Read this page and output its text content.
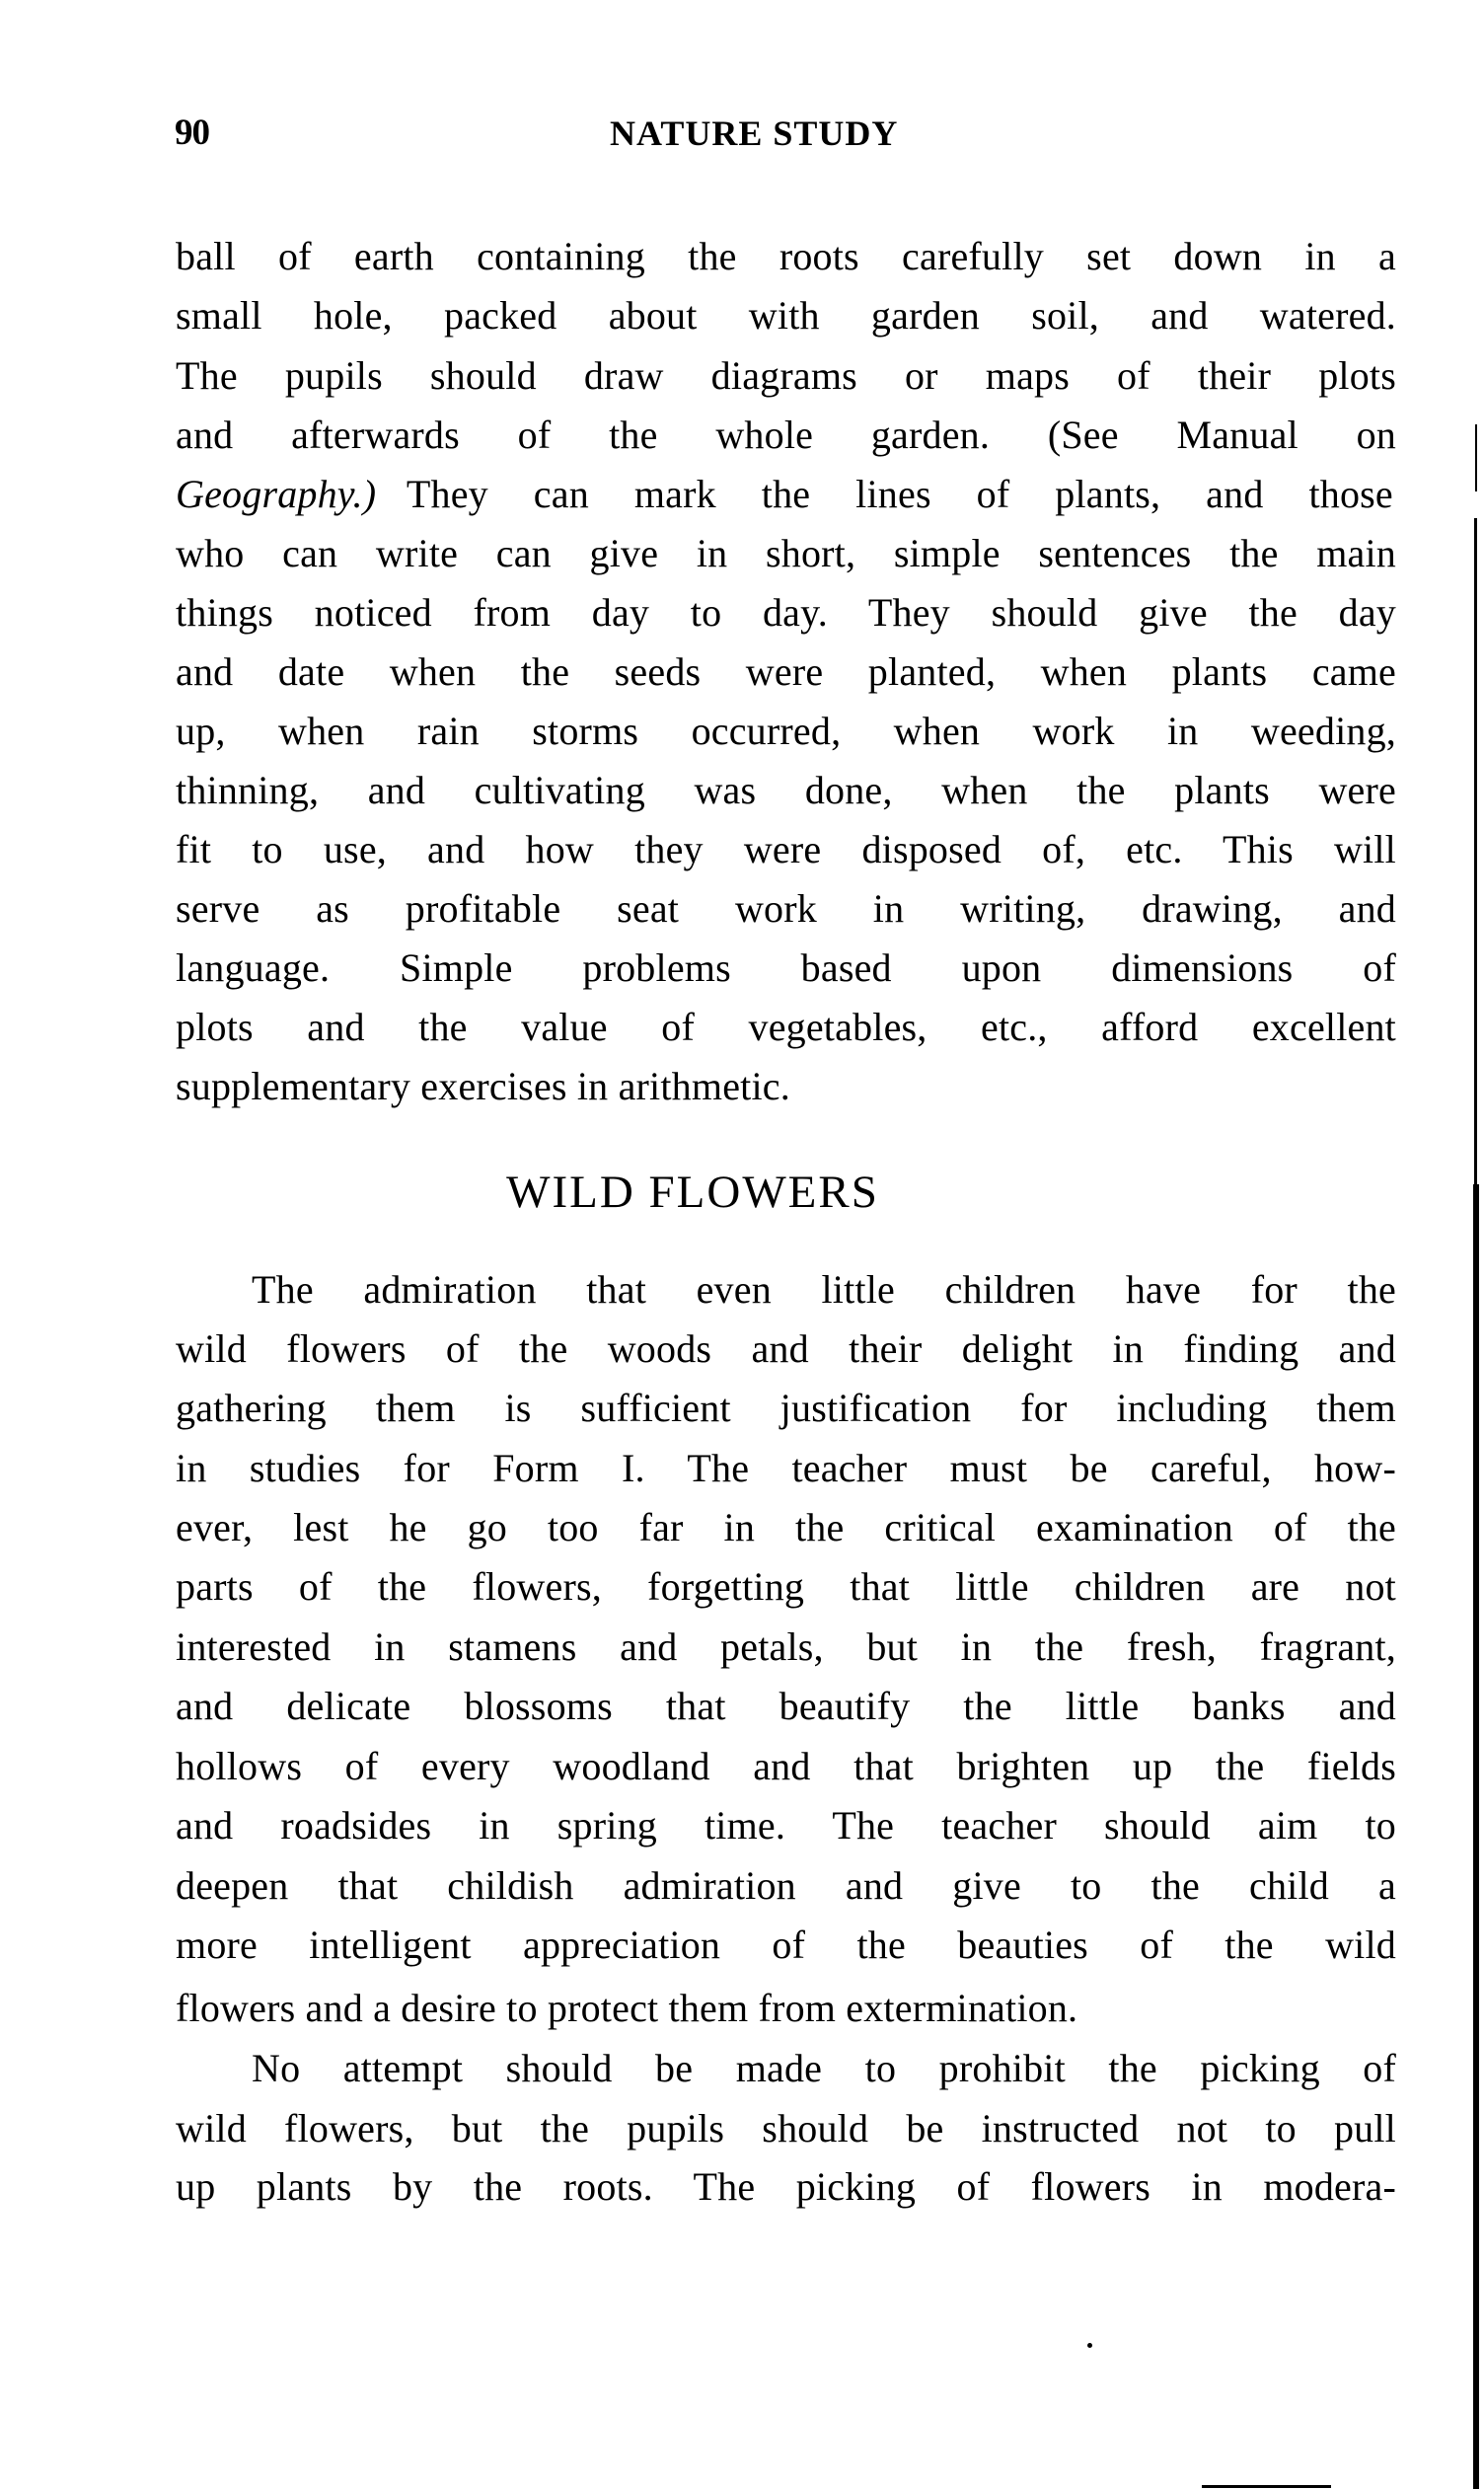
90	NATURE STUDY
ball of earth containing the roots carefully set down in a
small hole, packed about with garden soil, and watered.
The pupils should draw diagrams or maps of their plots
and afterwards of the whole garden. (See Manual on
Geography.) They can mark the lines of plants, and those
who can write can give in short, simple sentences the main
things noticed from day to day. They should give the day
and date when the seeds were planted, when plants came
up, when rain storms occurred, when work in weeding,
thinning, and cultivating was done, when the plants were
fit to use, and how they were disposed of, etc. This will
serve as profitable seat work in writing, drawing, and
language. Simple problems based upon dimensions of
plots and the value of vegetables, etc., afford excellent
supplementary exercises in arithmetic.
WILD FLOWERS
The admiration that even little children have for the
wild flowers of the woods and their delight in finding and
gathering them is sufficient justification for including them
in studies for Form I. The teacher must be careful, how-
ever, lest he go too far in the critical examination of the
parts of the flowers, forgetting that little children are not
interested in stamens and petals, but in the fresh, fragrant,
and delicate blossoms that beautify the little banks and
hollows of every woodland and that brighten up the fields
and roadsides in spring time. The teacher should aim to
deepen that childish admiration and give to the child a
more intelligent appreciation of the beauties of the wild
flowers and a desire to protect them from extermination.
No attempt should be made to prohibit the picking of
wild flowers, but the pupils should be instructed not to pull
up plants by the roots. The picking of flowers in modera-
